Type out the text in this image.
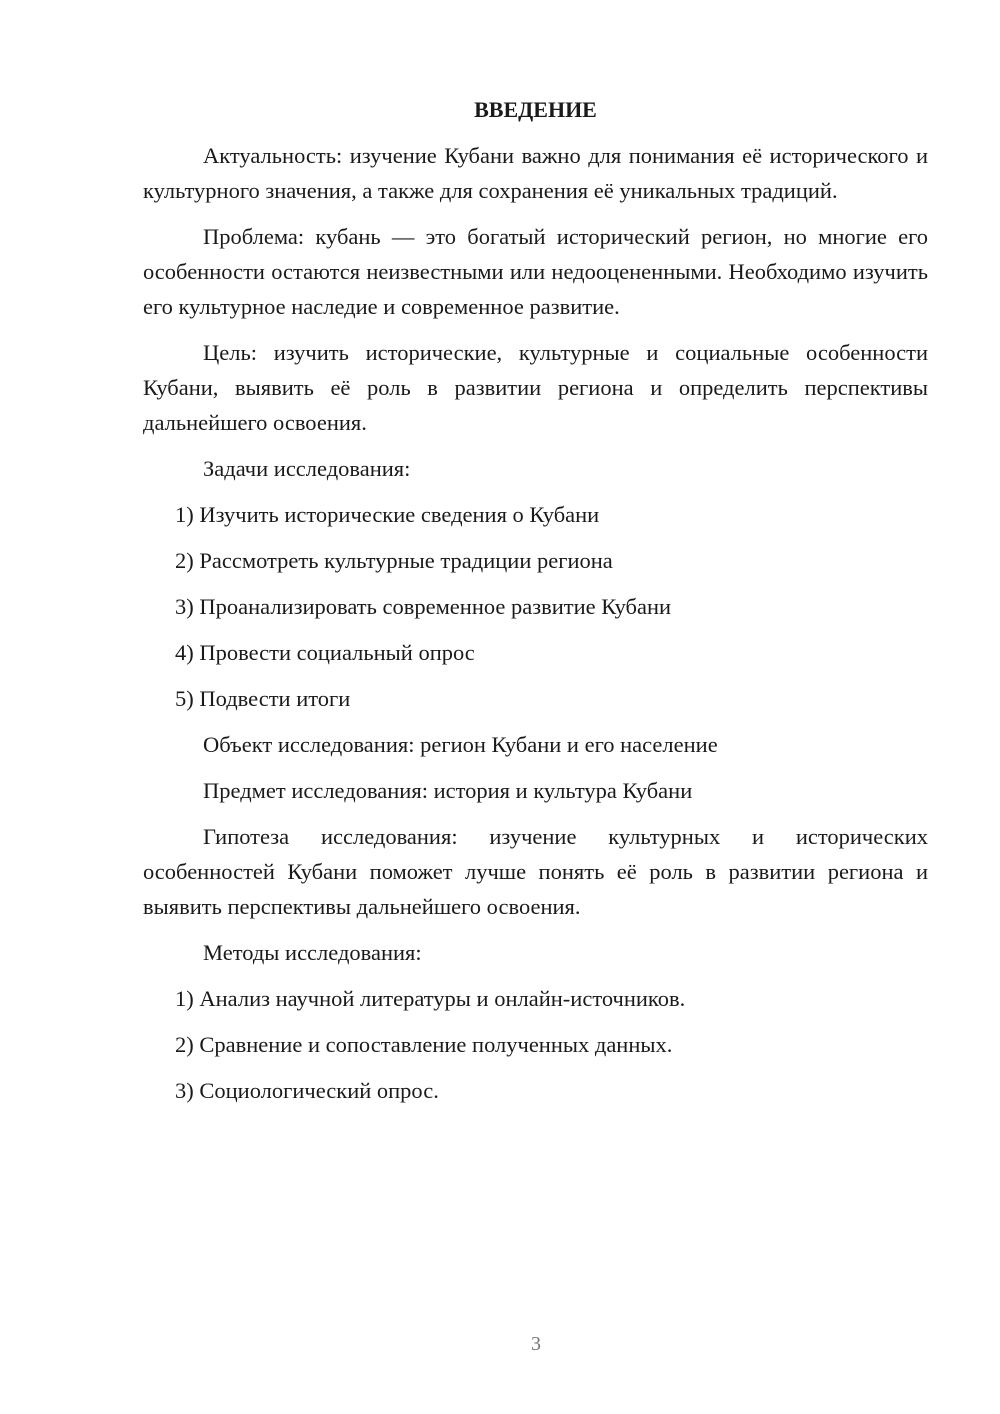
ВВЕДЕНИЕ
Актуальность: изучение Кубани важно для понимания её исторического и культурного значения, а также для сохранения её уникальных традиций.
Проблема: кубань — это богатый исторический регион, но многие его особенности остаются неизвестными или недооцененными. Необходимо изучить его культурное наследие и современное развитие.
Цель: изучить исторические, культурные и социальные особенности Кубани, выявить её роль в развитии региона и определить перспективы дальнейшего освоения.
Задачи исследования:
1) Изучить исторические сведения о Кубани
2) Рассмотреть культурные традиции региона
3) Проанализировать современное развитие Кубани
4) Провести социальный опрос
5) Подвести итоги
Объект исследования: регион Кубани и его население
Предмет исследования: история и культура Кубани
Гипотеза исследования: изучение культурных и исторических особенностей Кубани поможет лучше понять её роль в развитии региона и выявить перспективы дальнейшего освоения.
Методы исследования:
1) Анализ научной литературы и онлайн-источников.
2) Сравнение и сопоставление полученных данных.
3) Социологический опрос.
3
